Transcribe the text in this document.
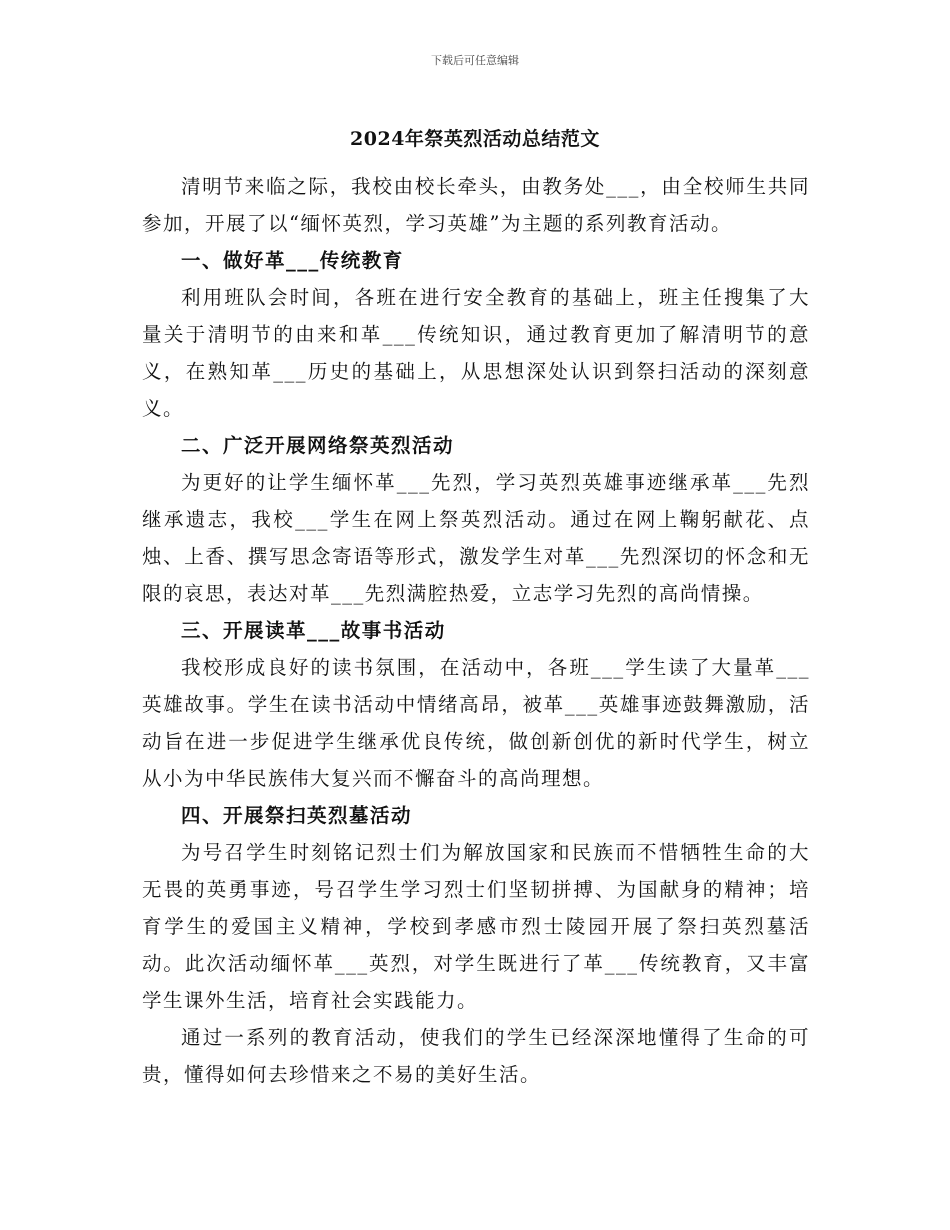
下载后可任意编辑
2024年祭英烈活动总结范文

清明节来临之际，我校由校长牵头，由教务处___，由全校师生共同参加，开展了以“缅怀英烈，学习英雄”为主题的系列教育活动。

一、做好革___传统教育

利用班队会时间，各班在进行安全教育的基础上，班主任搜集了大量关于清明节的由来和革___传统知识，通过教育更加了解清明节的意义，在熟知革___历史的基础上，从思想深处认识到祭扫活动的深刻意义。

二、广泛开展网络祭英烈活动

为更好的让学生缅怀革___先烈，学习英烈英雄事迹继承革___先烈继承遗志，我校___学生在网上祭英烈活动。通过在网上鞠躬献花、点烛、上香、撰写思念寄语等形式，激发学生对革___先烈深切的怀念和无限的哀思，表达对革___先烈满腔热爱，立志学习先烈的高尚情操。

三、开展读革___故事书活动

我校形成良好的读书氛围，在活动中，各班___学生读了大量革___英雄故事。学生在读书活动中情绪高昂，被革___英雄事迹鼓舞激励，活动旨在进一步促进学生继承优良传统，做创新创优的新时代学生，树立从小为中华民族伟大复兴而不懈奋斗的高尚理想。

四、开展祭扫英烈墓活动

为号召学生时刻铭记烈士们为解放国家和民族而不惜牺牲生命的大无畏的英勇事迹，号召学生学习烈士们坚韧拼搏、为国献身的精神；培育学生的爱国主义精神，学校到孝感市烈士陵园开展了祭扫英烈墓活动。此次活动缅怀革___英烈，对学生既进行了革___传统教育，又丰富学生课外生活，培育社会实践能力。

通过一系列的教育活动，使我们的学生已经深深地懂得了生命的可贵，懂得如何去珍惜来之不易的美好生活。
